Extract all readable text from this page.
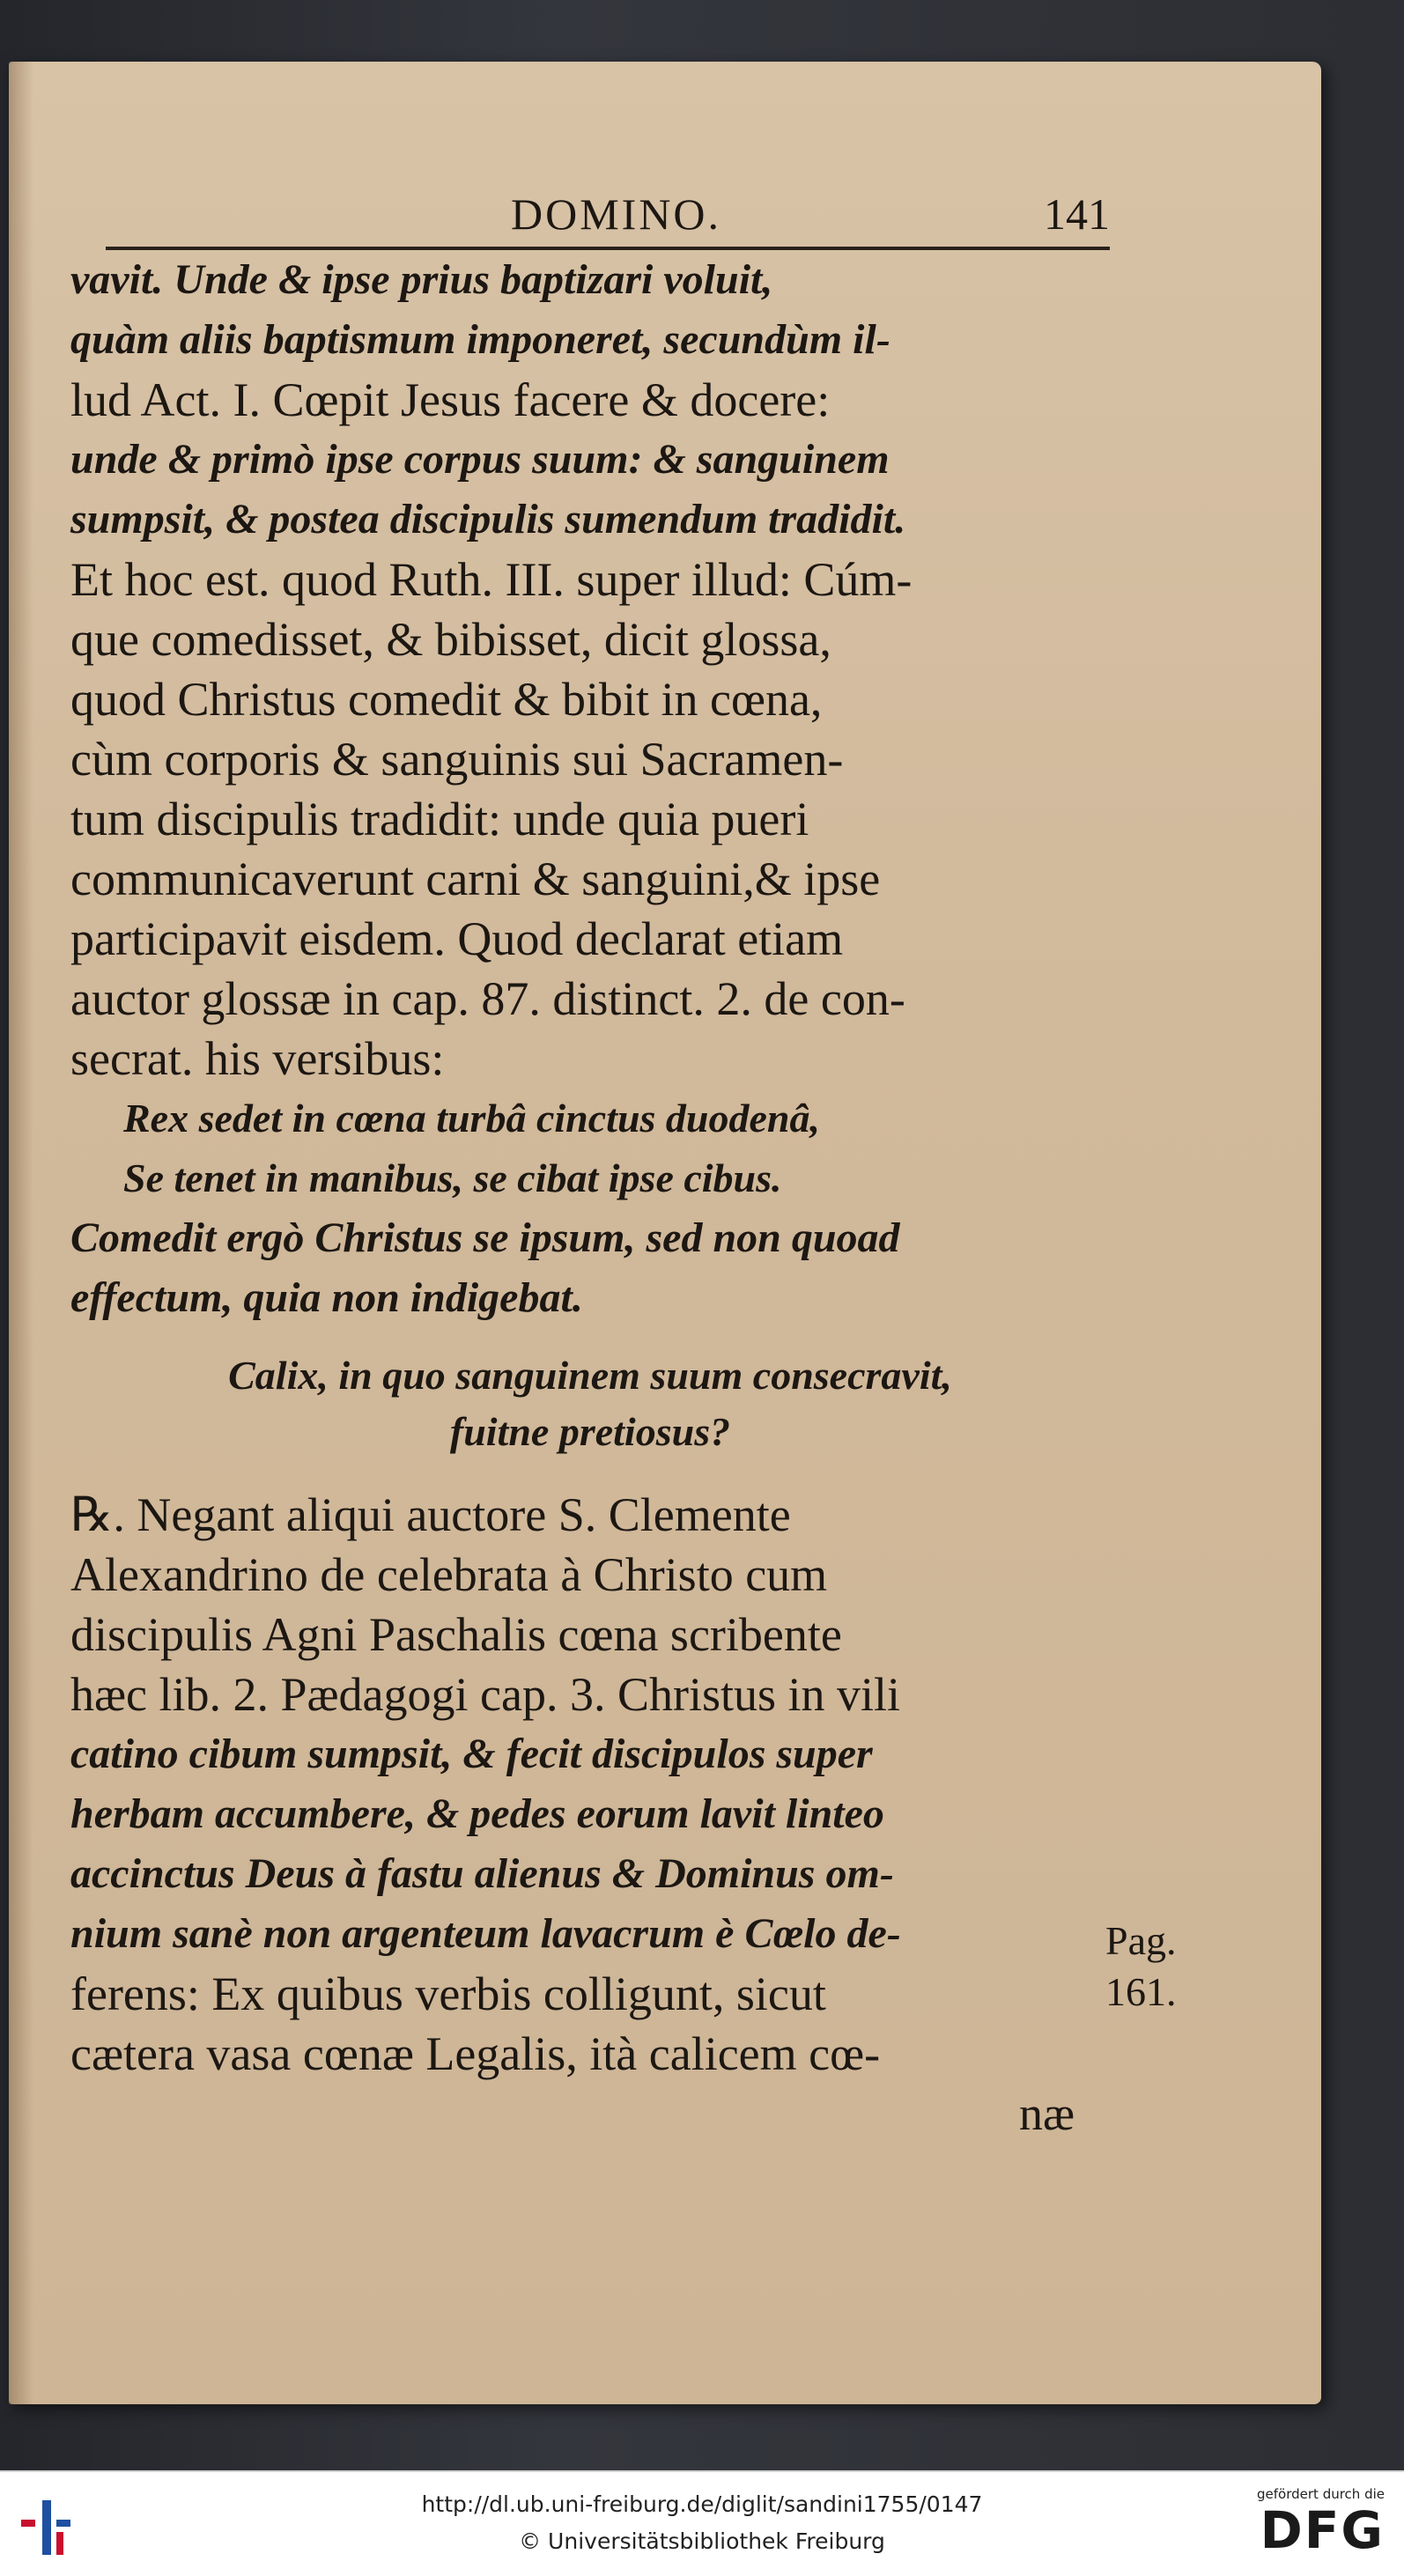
DOMINO.	141
vavit. Unde & ipse prius baptizari voluit,
quàm aliis baptismum imponeret, secundùm il-
lud Act. I. Cœpit Jesus facere & docere:
unde & primò ipse corpus suum: & sanguinem
sumpsit, & postea discipulis sumendum tradidit.
Et hoc est. quod Ruth. III. super illud: Cúm-
que comedisset, & bibisset, dicit glossa,
quod Christus comedit & bibit in cœna,
cùm corporis & sanguinis sui Sacramen-
tum discipulis tradidit: unde quia pueri
communicaverunt carni & sanguini,& ipse
participavit eisdem. Quod declarat etiam
auctor glossæ in cap. 87. distinct. 2. de con-
secrat. his versibus:
Rex sedet in cœna turbâ cinctus duodenâ,
Se tenet in manibus, se cibat ipse cibus.
Comedit ergò Christus se ipsum, sed non quoad
effectum, quia non indigebat.
Calix, in quo sanguinem suum consecravit,
fuitne pretiosus?
℞. Negant aliqui auctore S. Clemente
Alexandrino de celebrata à Christo cum
discipulis Agni Paschalis cœna scribente
hæc lib. 2. Pædagogi cap. 3. Christus in vili
catino cibum sumpsit, & fecit discipulos super
herbam accumbere, & pedes eorum lavit linteo
accinctus Deus à fastu alienus & Dominus om-
nium sanè non argenteum lavacrum è Cœlo de-
ferens: Ex quibus verbis colligunt, sicut
cætera vasa cœnæ Legalis, ità calicem cœ-
næ
Pag.
161.
http://dl.ub.uni-freiburg.de/diglit/sandini1755/0147
© Universitätsbibliothek Freiburg
gefördert durch die
DFG
